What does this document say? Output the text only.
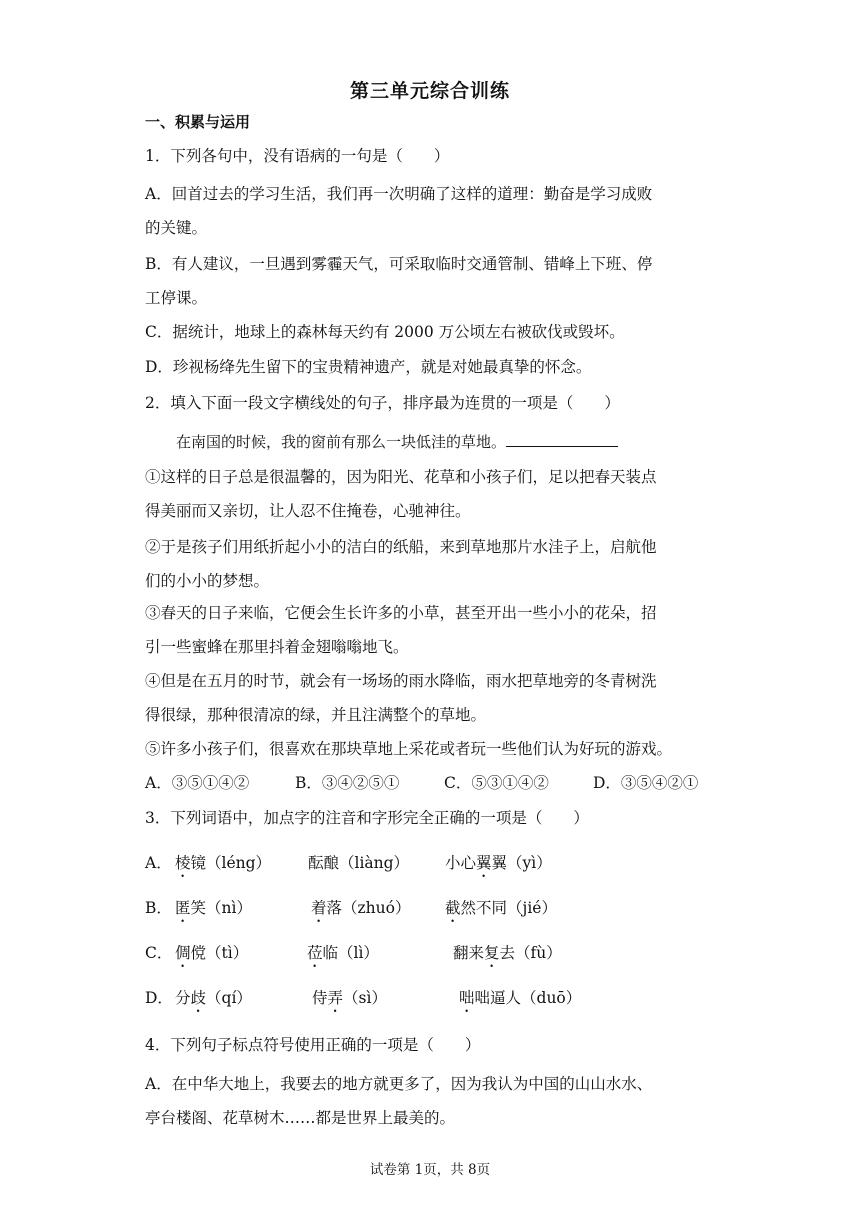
第三单元综合训练
一、积累与运用
1．下列各句中，没有语病的一句是（　　）
A．回首过去的学习生活，我们再一次明确了这样的道理：勤奋是学习成败
的关键。
B．有人建议，一旦遇到雾霾天气，可采取临时交通管制、错峰上下班、停
工停课。
C．据统计，地球上的森林每天约有 2000 万公顷左右被砍伐或毁坏。
D．珍视杨绛先生留下的宝贵精神遗产，就是对她最真挚的怀念。
2．填入下面一段文字横线处的句子，排序最为连贯的一项是（　　）
在南国的时候，我的窗前有那么一块低洼的草地。
①这样的日子总是很温馨的，因为阳光、花草和小孩子们，足以把春天装点
得美丽而又亲切，让人忍不住掩卷，心驰神往。
②于是孩子们用纸折起小小的洁白的纸船，来到草地那片水洼子上，启航他
们的小小的梦想。
③春天的日子来临，它便会生长许多的小草，甚至开出一些小小的花朵，招
引一些蜜蜂在那里抖着金翅嗡嗡地飞。
④但是在五月的时节，就会有一场场的雨水降临，雨水把草地旁的冬青树洗
得很绿，那种很清凉的绿，并且注满整个的草地。
⑤许多小孩子们，很喜欢在那块草地上采花或者玩一些他们认为好玩的游戏。
A．③⑤①④②	B．③④②⑤①	C．⑤③①④②	D．③⑤④②①
3．下列词语中，加点字的注音和字形完全正确的一项是（　　）
A． 棱镜（léng） 酝酿（liàng） 小心翼翼（yì）
B． 匿笑（nì）	着落（zhuó） 截然不同（jié）
C． 倜傥（tì）	莅临（lì）	翻来复去（fù）
D． 分歧（qí）	侍弄（sì）	咄咄逼人（duō）
4．下列句子标点符号使用正确的一项是（　　）
A．在中华大地上，我要去的地方就更多了，因为我认为中国的山山水水、
亭台楼阁、花草树木……都是世界上最美的。
试卷第 1页，共 8页
